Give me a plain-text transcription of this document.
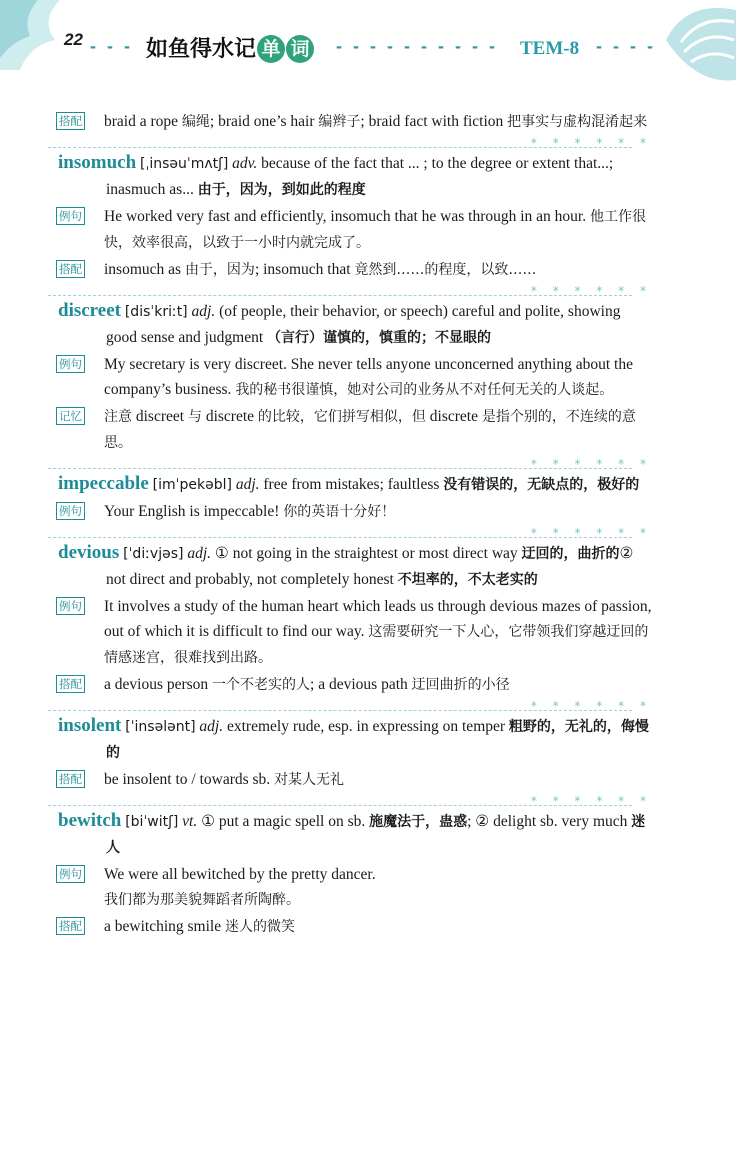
22 - - - 如鱼得水记 单 词 - - - - - - - - - - TEM-8 - - - -
搭配 braid a rope 编绳; braid one’s hair 编辫子; braid fact with fiction 把事实与虚构混淆起来
* * * * * *
insomuch [ˌinsəuˈmʌtʃ] adv. because of the fact that ... ; to the degree or extent that...; inasmuch as... 由于，因为，到如此的程度
例句 He worked very fast and efficiently, insomuch that he was through in an hour. 他工作很快，效率很高，以致于一小时内就完成了。
搭配 insomuch as 由于，因为; insomuch that 竟然到……的程度，以致……
* * * * * *
discreet [disˈkriːt] adj. (of people, their behavior, or speech) careful and polite, showing good sense and judgment （言行）谨慎的，慎重的；不显眼的
例句 My secretary is very discreet. She never tells anyone unconcerned anything about the company’s business. 我的秘书很谨慎，她对公司的业务从不对任何无关的人谈起。
记忆 注意 discreet 与 discrete 的比较，它们拼写相似，但 discrete 是指个别的，不连续的意思。
* * * * * *
impeccable [imˈpekəbl] adj. free from mistakes; faultless 没有错误的，无缺点的，极好的
例句 Your English is impeccable! 你的英语十分好！
* * * * * *
devious [ˈdiːvjəs] adj. ① not going in the straightest or most direct way 迂回的，曲折的② not direct and probably, not completely honest 不坦率的，不太老实的
例句 It involves a study of the human heart which leads us through devious mazes of passion, out of which it is difficult to find our way. 这需要研究一下人心，它带领我们穿越迂回的情感迷宫，很难找到出路。
搭配 a devious person 一个不老实的人; a devious path 迂回曲折的小径
* * * * * *
insolent [ˈinsələnt] adj. extremely rude, esp. in expressing on temper 粗野的，无礼的，侮慢的
搭配 be insolent to / towards sb. 对某人无礼
* * * * * *
bewitch [biˈwitʃ] vt. ① put a magic spell on sb. 施魔法于，蛊惑; ② delight sb. very much 迷人
例句 We were all bewitched by the pretty dancer.
我们都为那美貌舞蹈者所陶醉。
搭配 a bewitching smile 迷人的微笑
